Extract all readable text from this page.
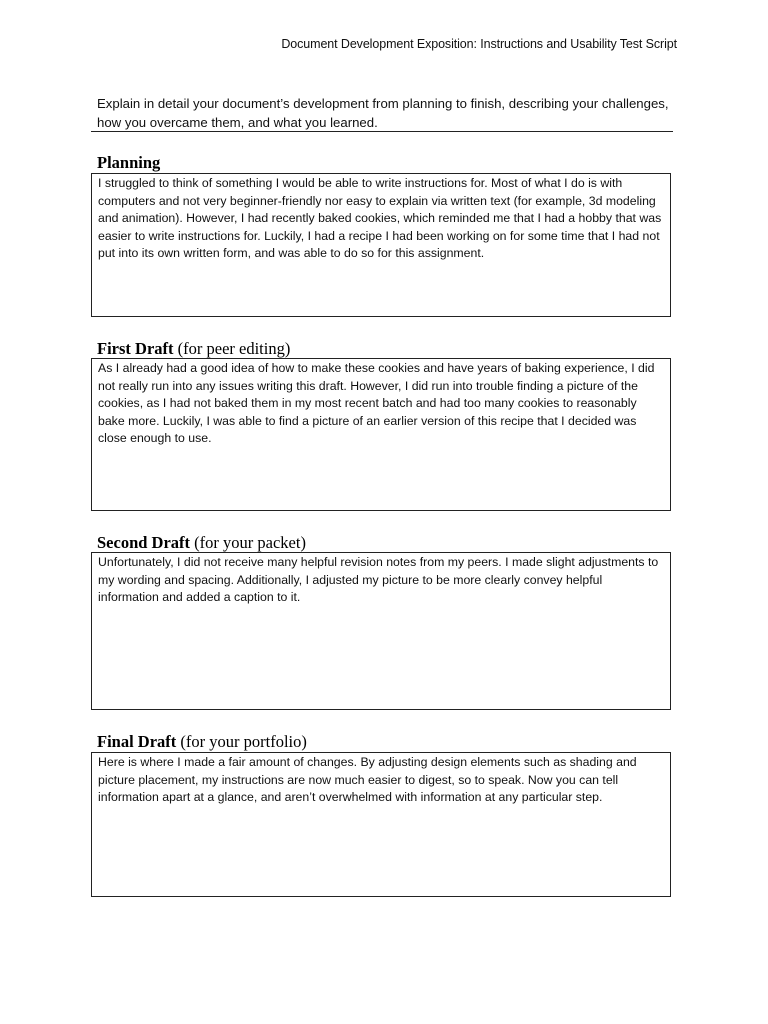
Document Development Exposition: Instructions and Usability Test Script
Explain in detail your document’s development from planning to finish, describing your challenges, how you overcame them, and what you learned.
Planning
I struggled to think of something I would be able to write instructions for. Most of what I do is with computers and not very beginner-friendly nor easy to explain via written text (for example, 3d modeling and animation). However, I had recently baked cookies, which reminded me that I had a hobby that was easier to write instructions for. Luckily, I had a recipe I had been working on for some time that I had not put into its own written form, and was able to do so for this assignment.
First Draft (for peer editing)
As I already had a good idea of how to make these cookies and have years of baking experience, I did not really run into any issues writing this draft. However, I did run into trouble finding a picture of the cookies, as I had not baked them in my most recent batch and had too many cookies to reasonably bake more. Luckily, I was able to find a picture of an earlier version of this recipe that I decided was close enough to use.
Second Draft (for your packet)
Unfortunately, I did not receive many helpful revision notes from my peers. I made slight adjustments to my wording and spacing. Additionally, I adjusted my picture to be more clearly convey helpful information and added a caption to it.
Final Draft (for your portfolio)
Here is where I made a fair amount of changes. By adjusting design elements such as shading and picture placement, my instructions are now much easier to digest, so to speak. Now you can tell information apart at a glance, and aren’t overwhelmed with information at any particular step.
